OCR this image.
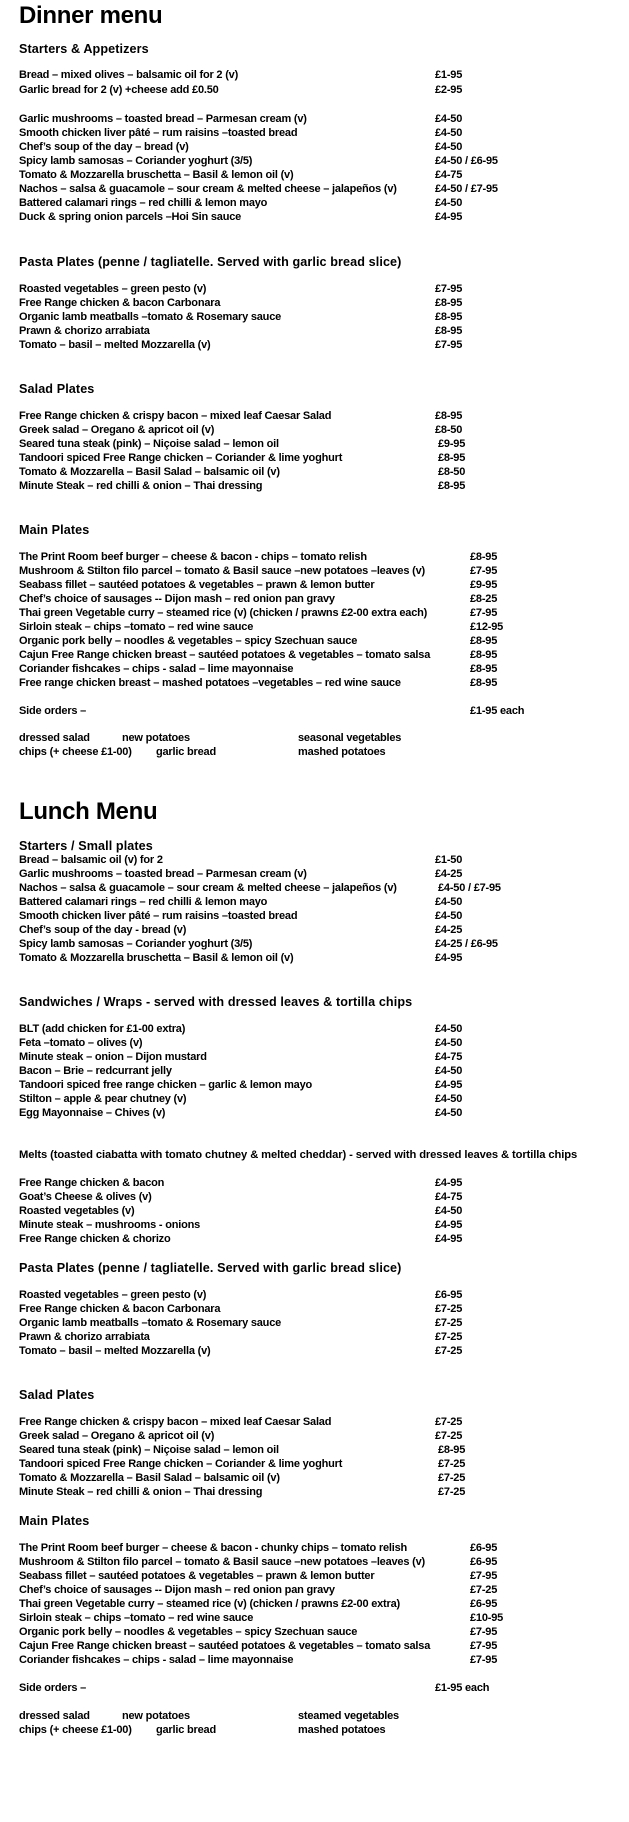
Dinner menu
Starters & Appetizers
Bread – mixed olives – balsamic oil for 2 (v)	£1-95
Garlic bread for 2 (v) +cheese add £0.50	£2-95
Garlic mushrooms – toasted bread – Parmesan cream (v)	£4-50
Smooth chicken liver pâté – rum raisins –toasted bread	£4-50
Chef’s soup of the day – bread (v)	£4-50
Spicy lamb samosas – Coriander yoghurt (3/5)	£4-50 / £6-95
Tomato & Mozzarella bruschetta – Basil & lemon oil (v)	£4-75
Nachos – salsa & guacamole – sour cream & melted cheese – jalapeños (v)	£4-50 / £7-95
Battered calamari rings – red chilli & lemon mayo	£4-50
Duck & spring onion parcels –Hoi Sin sauce	£4-95
Pasta Plates (penne / tagliatelle. Served with garlic bread slice)
Roasted vegetables – green pesto (v)	£7-95
Free Range chicken & bacon Carbonara	£8-95
Organic lamb meatballs –tomato & Rosemary sauce	£8-95
Prawn & chorizo arrabiata	£8-95
Tomato – basil – melted Mozzarella (v)	£7-95
Salad Plates
Free Range chicken & crispy bacon – mixed leaf Caesar Salad	£8-95
Greek salad – Oregano & apricot oil (v)	£8-50
Seared tuna steak (pink) – Niçoise salad – lemon oil	£9-95
Tandoori spiced Free Range chicken – Coriander & lime yoghurt	£8-95
Tomato & Mozzarella – Basil Salad – balsamic oil (v)	£8-50
Minute Steak – red chilli & onion – Thai dressing	£8-95
Main Plates
The Print Room beef burger – cheese & bacon - chips – tomato relish	£8-95
Mushroom & Stilton filo parcel – tomato & Basil sauce –new potatoes –leaves (v)	£7-95
Seabass fillet – sautéed potatoes & vegetables – prawn & lemon butter	£9-95
Chef’s choice of sausages -- Dijon mash – red onion pan gravy	£8-25
Thai green Vegetable curry – steamed rice (v) (chicken / prawns £2-00 extra each)	£7-95
Sirloin steak – chips –tomato – red wine sauce	£12-95
Organic pork belly – noodles & vegetables – spicy Szechuan sauce	£8-95
Cajun Free Range chicken breast – sautéed potatoes & vegetables – tomato salsa	£8-95
Coriander fishcakes – chips - salad – lime mayonnaise	£8-95
Free range chicken breast – mashed potatoes –vegetables – red wine sauce	£8-95
Side orders –	£1-95 each
dressed salad	new potatoes	seasonal vegetables
chips (+ cheese £1-00) garlic bread	mashed potatoes
Lunch Menu
Starters / Small plates
Bread – balsamic oil (v) for 2	£1-50
Garlic mushrooms – toasted bread – Parmesan cream (v)	£4-25
Nachos – salsa & guacamole – sour cream & melted cheese – jalapeños (v)	£4-50 / £7-95
Battered calamari rings – red chilli & lemon mayo	£4-50
Smooth chicken liver pâté – rum raisins –toasted bread	£4-50
Chef’s soup of the day - bread (v)	£4-25
Spicy lamb samosas – Coriander yoghurt (3/5)	£4-25 / £6-95
Tomato & Mozzarella bruschetta – Basil & lemon oil (v)	£4-95
Sandwiches / Wraps - served with dressed leaves & tortilla chips
BLT (add chicken for £1-00 extra)	£4-50
Feta –tomato – olives (v)	£4-50
Minute steak – onion – Dijon mustard	£4-75
Bacon – Brie – redcurrant jelly	£4-50
Tandoori spiced free range chicken – garlic & lemon mayo	£4-95
Stilton – apple & pear chutney (v)	£4-50
Egg Mayonnaise – Chives (v)	£4-50
Melts (toasted ciabatta with tomato chutney & melted cheddar) - served with dressed leaves & tortilla chips
Free Range chicken & bacon	£4-95
Goat’s Cheese & olives (v)	£4-75
Roasted vegetables (v)	£4-50
Minute steak – mushrooms - onions	£4-95
Free Range chicken & chorizo	£4-95
Pasta Plates (penne / tagliatelle. Served with garlic bread slice)
Roasted vegetables – green pesto (v)	£6-95
Free Range chicken & bacon Carbonara	£7-25
Organic lamb meatballs –tomato & Rosemary sauce	£7-25
Prawn & chorizo arrabiata	£7-25
Tomato – basil – melted Mozzarella (v)	£7-25
Salad Plates
Free Range chicken & crispy bacon – mixed leaf Caesar Salad	£7-25
Greek salad – Oregano & apricot oil (v)	£7-25
Seared tuna steak (pink) – Niçoise salad – lemon oil	£8-95
Tandoori spiced Free Range chicken – Coriander & lime yoghurt	£7-25
Tomato & Mozzarella – Basil Salad – balsamic oil (v)	£7-25
Minute Steak – red chilli & onion – Thai dressing	£7-25
Main Plates
The Print Room beef burger – cheese & bacon - chunky chips – tomato relish	£6-95
Mushroom & Stilton filo parcel – tomato & Basil sauce –new potatoes –leaves (v)	£6-95
Seabass fillet – sautéed potatoes & vegetables – prawn & lemon butter	£7-95
Chef’s choice of sausages -- Dijon mash – red onion pan gravy	£7-25
Thai green Vegetable curry – steamed rice (v) (chicken / prawns £2-00 extra)	£6-95
Sirloin steak – chips –tomato – red wine sauce	£10-95
Organic pork belly – noodles & vegetables – spicy Szechuan sauce	£7-95
Cajun Free Range chicken breast – sautéed potatoes & vegetables – tomato salsa	£7-95
Coriander fishcakes – chips - salad – lime mayonnaise	£7-95
Side orders –	£1-95 each
dressed salad	new potatoes	steamed vegetables
chips (+ cheese £1-00) garlic bread	mashed potatoes
